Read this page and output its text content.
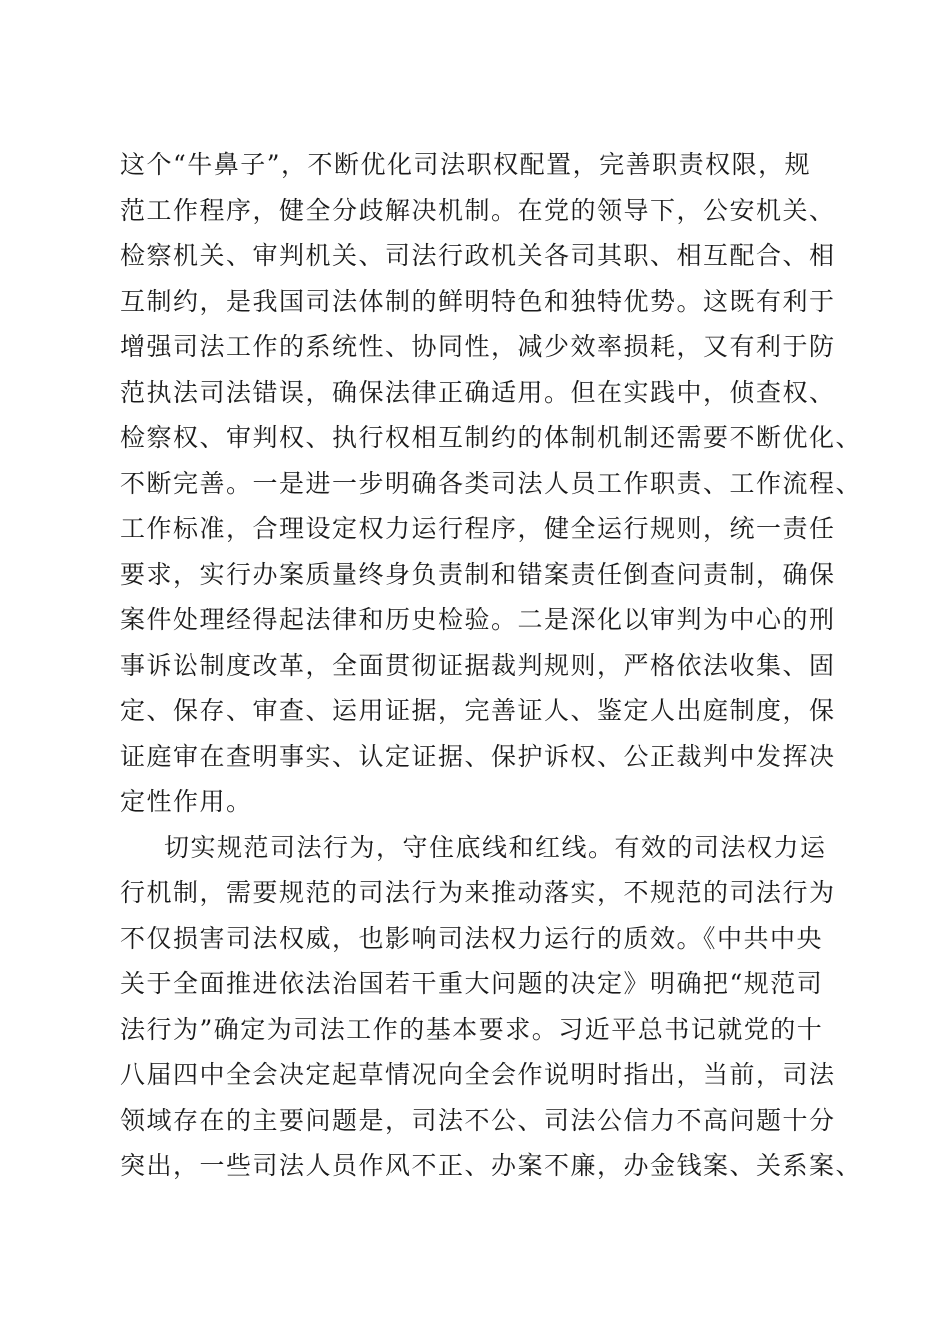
这个“牛鼻子”，不断优化司法职权配置，完善职责权限，规
范工作程序，健全分歧解决机制。在党的领导下，公安机关、
检察机关、审判机关、司法行政机关各司其职、相互配合、相
互制约，是我国司法体制的鲜明特色和独特优势。这既有利于
增强司法工作的系统性、协同性，减少效率损耗，又有利于防
范执法司法错误，确保法律正确适用。但在实践中，侦查权、
检察权、审判权、执行权相互制约的体制机制还需要不断优化、
不断完善。一是进一步明确各类司法人员工作职责、工作流程、
工作标准，合理设定权力运行程序，健全运行规则，统一责任
要求，实行办案质量终身负责制和错案责任倒查问责制，确保
案件处理经得起法律和历史检验。二是深化以审判为中心的刑
事诉讼制度改革，全面贯彻证据裁判规则，严格依法收集、固
定、保存、审查、运用证据，完善证人、鉴定人出庭制度，保
证庭审在查明事实、认定证据、保护诉权、公正裁判中发挥决
定性作用。
切实规范司法行为，守住底线和红线。有效的司法权力运
行机制，需要规范的司法行为来推动落实，不规范的司法行为
不仅损害司法权威，也影响司法权力运行的质效。《中共中央
关于全面推进依法治国若干重大问题的决定》明确把“规范司
法行为”确定为司法工作的基本要求。习近平总书记就党的十
八届四中全会决定起草情况向全会作说明时指出，当前，司法
领域存在的主要问题是，司法不公、司法公信力不高问题十分
突出，一些司法人员作风不正、办案不廉，办金钱案、关系案、
